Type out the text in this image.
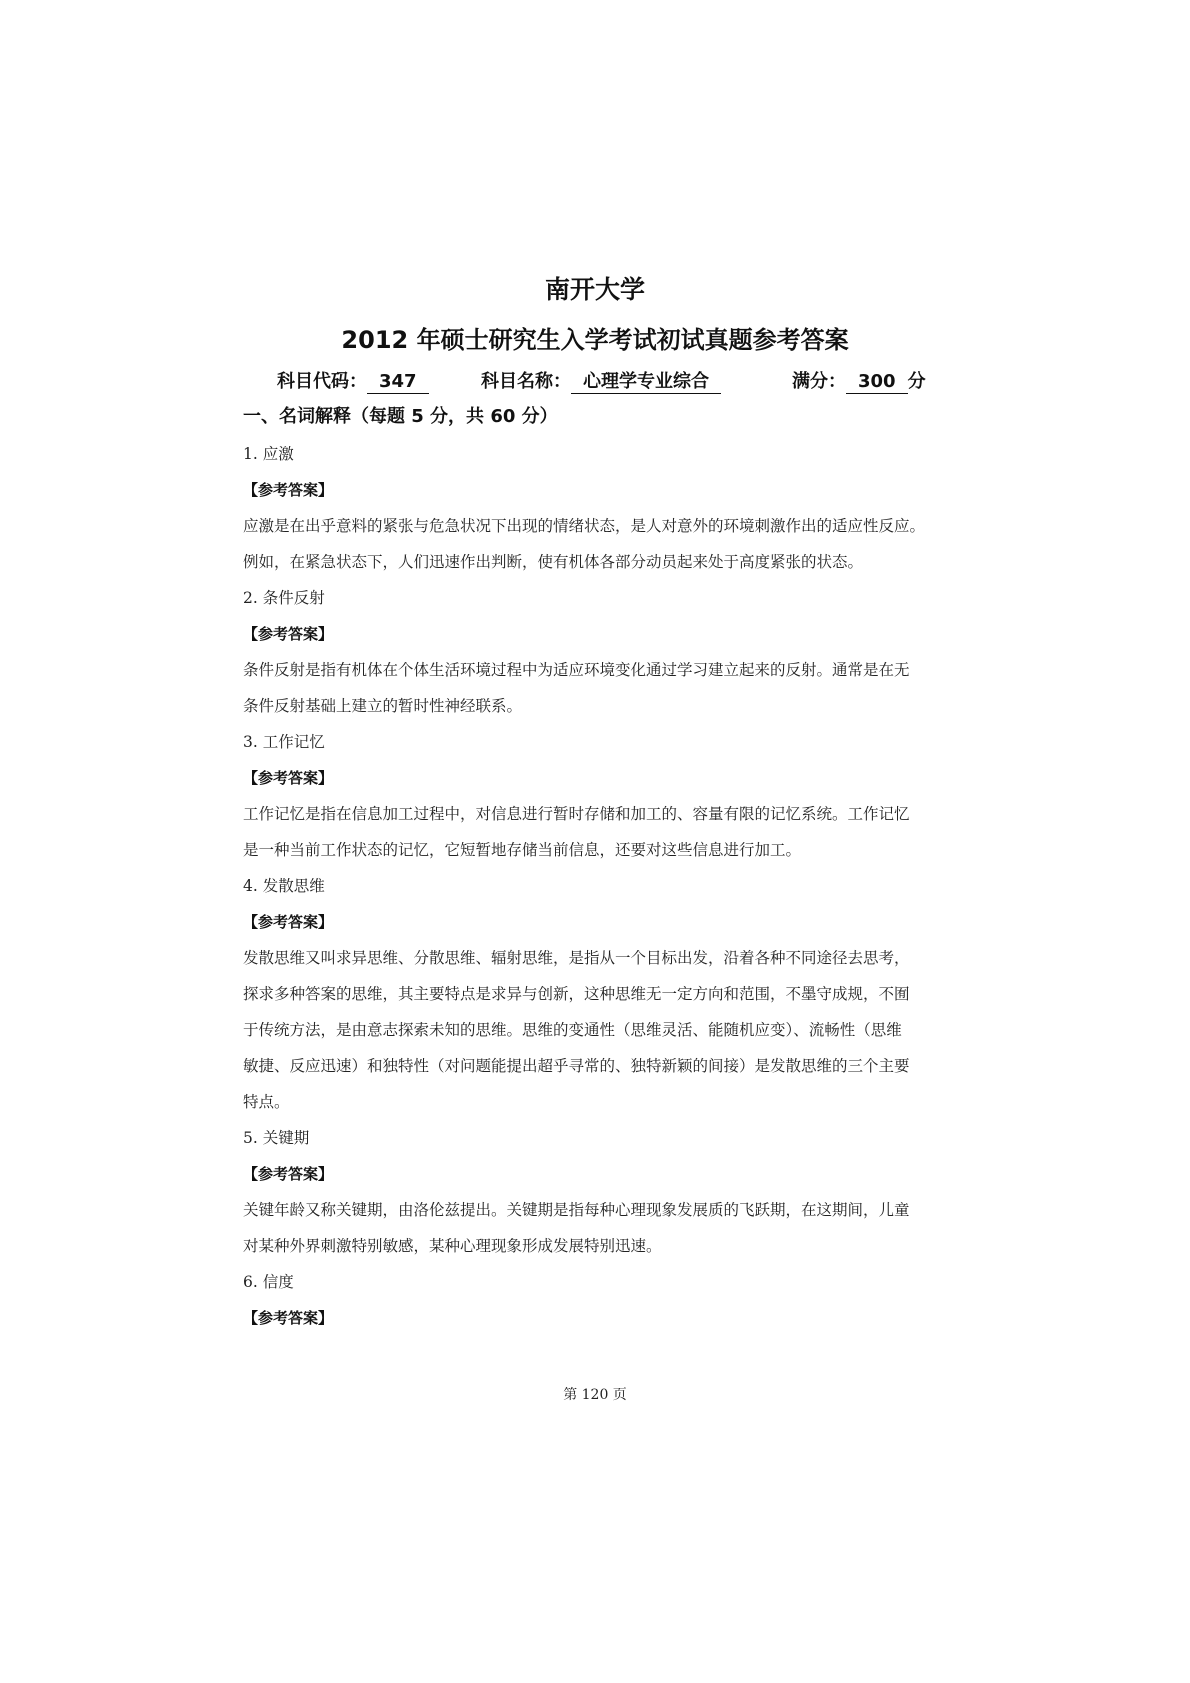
南开大学
2012 年硕士研究生入学考试初试真题参考答案
科目代码： 347	科目名称： 心理学专业综合	满分： 300 分
一、名词解释（每题 5 分，共 60 分）
1. 应激
【参考答案】
应激是在出乎意料的紧张与危急状况下出现的情绪状态，是人对意外的环境刺激作出的适应性反应。
例如，在紧急状态下，人们迅速作出判断，使有机体各部分动员起来处于高度紧张的状态。
2. 条件反射
【参考答案】
条件反射是指有机体在个体生活环境过程中为适应环境变化通过学习建立起来的反射。通常是在无
条件反射基础上建立的暂时性神经联系。
3. 工作记忆
【参考答案】
工作记忆是指在信息加工过程中，对信息进行暂时存储和加工的、容量有限的记忆系统。工作记忆
是一种当前工作状态的记忆，它短暂地存储当前信息，还要对这些信息进行加工。
4. 发散思维
【参考答案】
发散思维又叫求异思维、分散思维、辐射思维，是指从一个目标出发，沿着各种不同途径去思考，
探求多种答案的思维，其主要特点是求异与创新，这种思维无一定方向和范围，不墨守成规，不囿
于传统方法，是由意志探索未知的思维。思维的变通性（思维灵活、能随机应变）、流畅性（思维
敏捷、反应迅速）和独特性（对问题能提出超乎寻常的、独特新颖的间接）是发散思维的三个主要
特点。
5. 关键期
【参考答案】
关键年龄又称关键期，由洛伦兹提出。关键期是指每种心理现象发展质的飞跃期，在这期间，儿童
对某种外界刺激特别敏感，某种心理现象形成发展特别迅速。
6. 信度
【参考答案】
第 120 页
